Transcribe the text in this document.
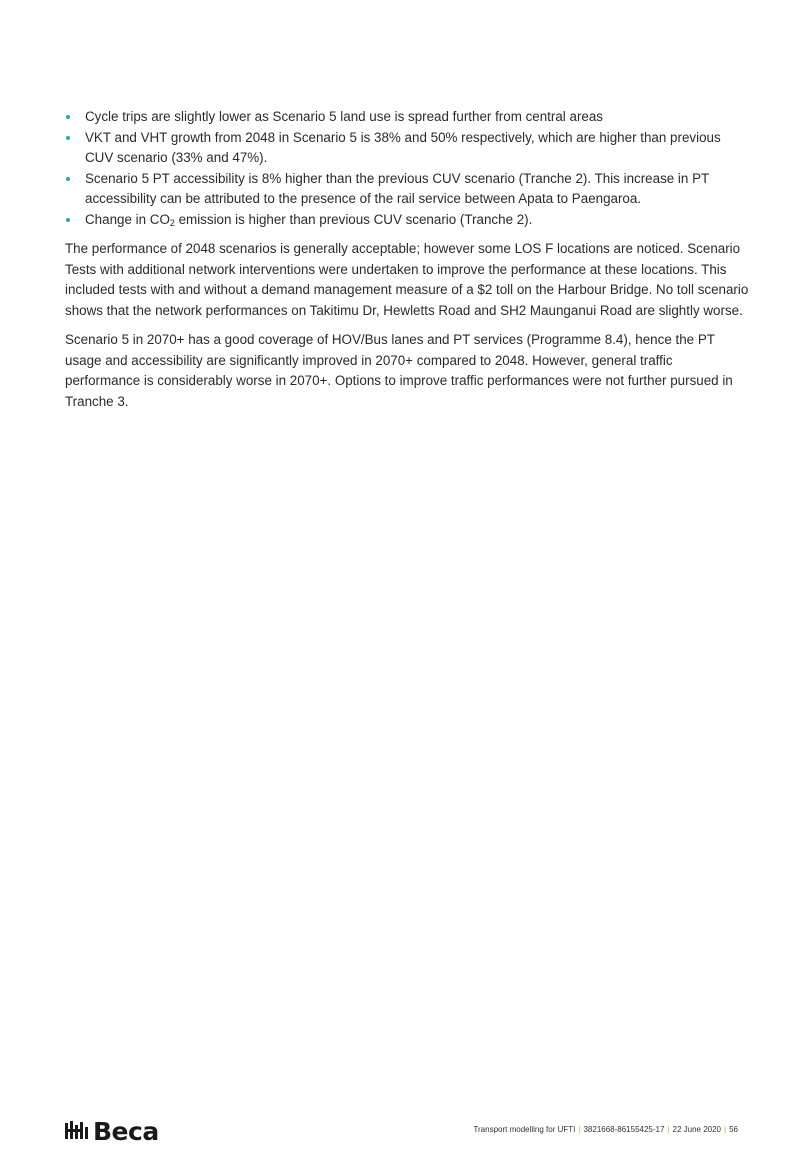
Cycle trips are slightly lower as Scenario 5 land use is spread further from central areas
VKT and VHT growth from 2048 in Scenario 5 is 38% and 50% respectively, which are higher than previous CUV scenario (33% and 47%).
Scenario 5 PT accessibility is 8% higher than the previous CUV scenario (Tranche 2). This increase in PT accessibility can be attributed to the presence of the rail service between Apata to Paengaroa.
Change in $CO_2$ emission is higher than previous CUV scenario (Tranche 2).

The performance of 2048 scenarios is generally acceptable; however some LOS F locations are noticed. Scenario Tests with additional network interventions were undertaken to improve the performance at these locations. This included tests with and without a demand management measure of a $2 toll on the Harbour Bridge. No toll scenario shows that the network performances on Takitimu Dr, Hewletts Road and SH2 Maunganui Road are slightly worse.

Scenario 5 in 2070+ has a good coverage of HOV/Bus lanes and PT services (Programme 8.4), hence the PT usage and accessibility are significantly improved in 2070+ compared to 2048. However, general traffic performance is considerably worse in 2070+. Options to improve traffic performances were not further pursued in Tranche 3.

Beca	Transport modelling for UFTI | 3821668-86155425-17 | 22 June 2020 | 56
